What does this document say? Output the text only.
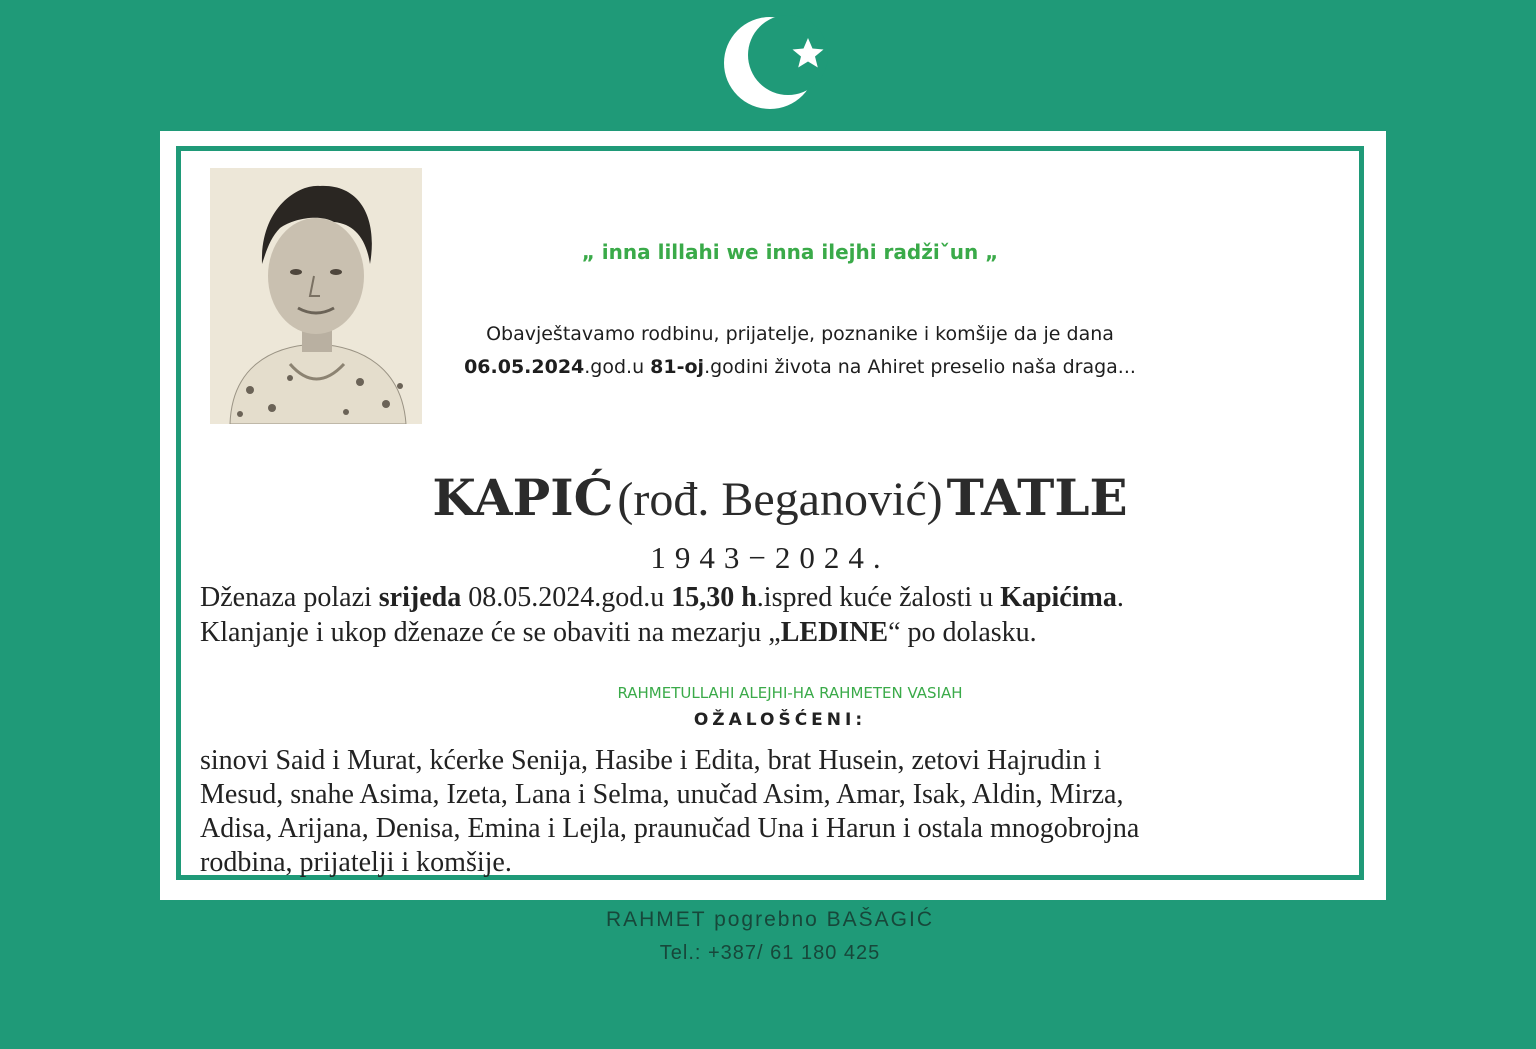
„ inna lillahi we inna ilejhi radžiˇun „
Obavještavamo rodbinu, prijatelje, poznanike i komšije da je dana
06.05.2024.god.u 81-oj.godini života na Ahiret preselio naša draga...
KAPIĆ (rođ. Beganović) TATLE
1943−2024.
Dženaza polazi srijeda 08.05.2024.god.u 15,30 h.ispred kuće žalosti u Kapićima.
Klanjanje i ukop dženaze će se obaviti na mezarju „LEDINE“ po dolasku.
RAHMETULLAHI ALEJHI-HA RAHMETEN VASIAH
OŽALOŠĆENI:
sinovi Said i Murat, kćerke Senija, Hasibe i Edita, brat Husein, zetovi Hajrudin i
Mesud, snahe Asima, Izeta, Lana i Selma, unučad Asim, Amar, Isak, Aldin, Mirza,
Adisa, Arijana, Denisa, Emina i Lejla, praunučad Una i Harun i ostala mnogobrojna
rodbina, prijatelji i komšije.
RAHMET pogrebno BAŠAGIĆ
Tel.: +387/ 61 180 425
